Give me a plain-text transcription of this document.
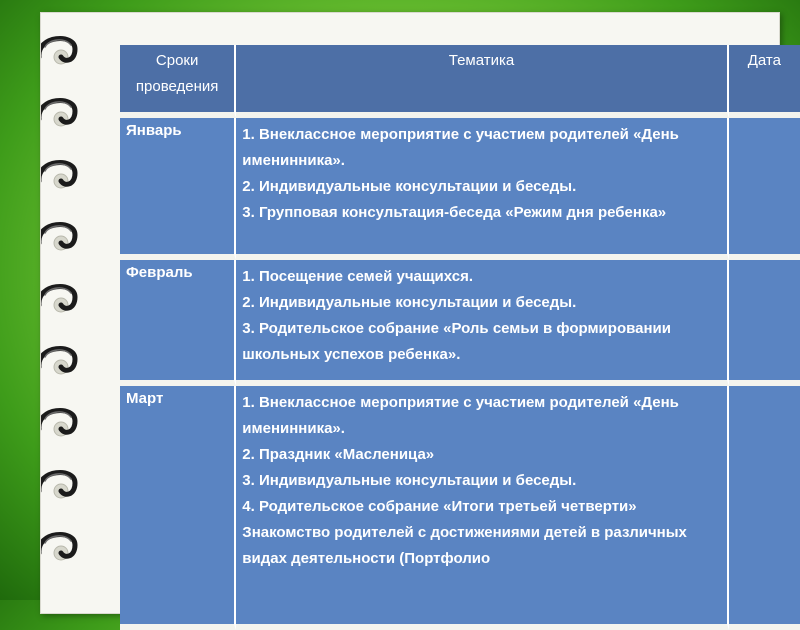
Сроки проведения	Тематика	Дата
Январь	1. Внеклассное мероприятие с участием родителей «День именинника».
2. Индивидуальные консультации и беседы.
3. Групповая консультация-беседа «Режим дня ребенка»	

Февраль	1. Посещение семей учащихся.
2. Индивидуальные консультации и беседы.
3. Родительское собрание «Роль семьи в формировании школьных успехов ребенка».	

Март	1. Внеклассное мероприятие с участием родителей «День именинника».
2. Праздник «Масленица»
3. Индивидуальные консультации и беседы.
4. Родительское собрание «Итоги третьей четверти»
Знакомство родителей с достижениями детей в различных видах деятельности (Портфолио	
